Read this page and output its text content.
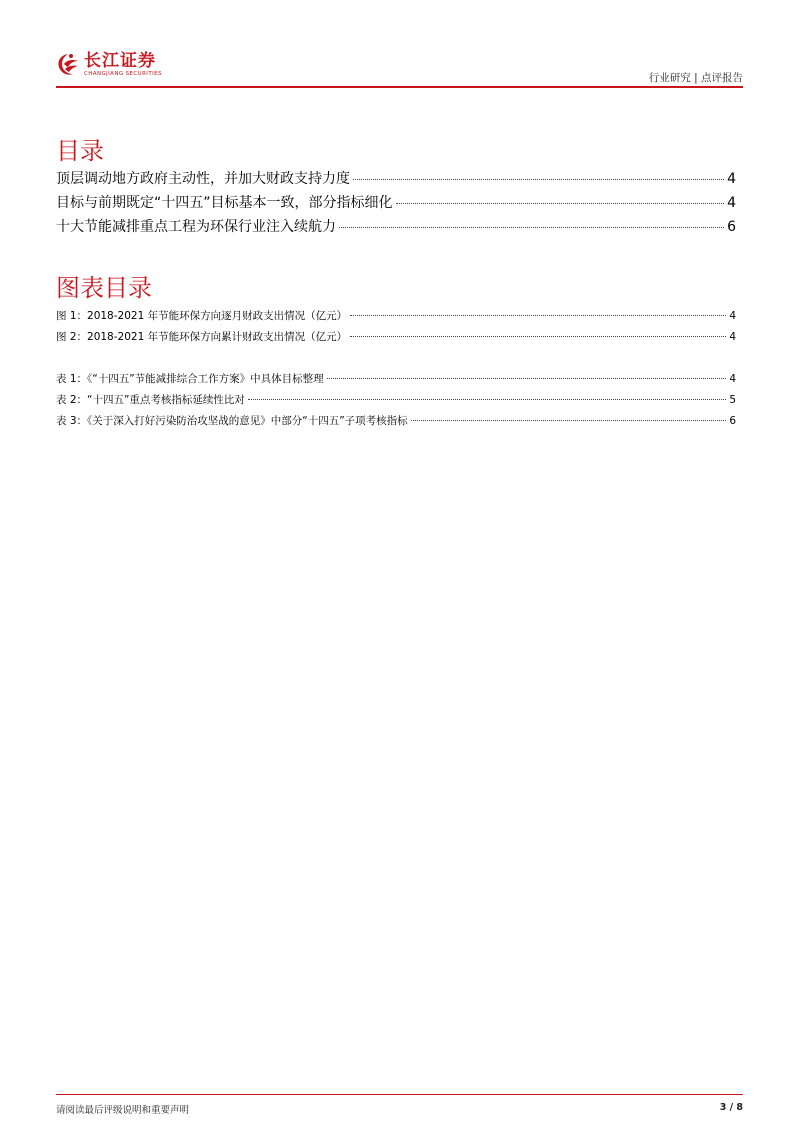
长江证券
CHANGJIANG SECURITIES	行业研究 | 点评报告
目录
顶层调动地方政府主动性，并加大财政支持力度	4
目标与前期既定“十四五”目标基本一致，部分指标细化	4
十大节能减排重点工程为环保行业注入续航力	6
图表目录
图 1：2018-2021 年节能环保方向逐月财政支出情况（亿元）	4
图 2：2018-2021 年节能环保方向累计财政支出情况（亿元）	4
表 1：《“十四五”节能减排综合工作方案》中具体目标整理	4
表 2：“十四五”重点考核指标延续性比对	5
表 3：《关于深入打好污染防治攻坚战的意见》中部分“十四五”子项考核指标	6
请阅读最后评级说明和重要声明	3 / 8
